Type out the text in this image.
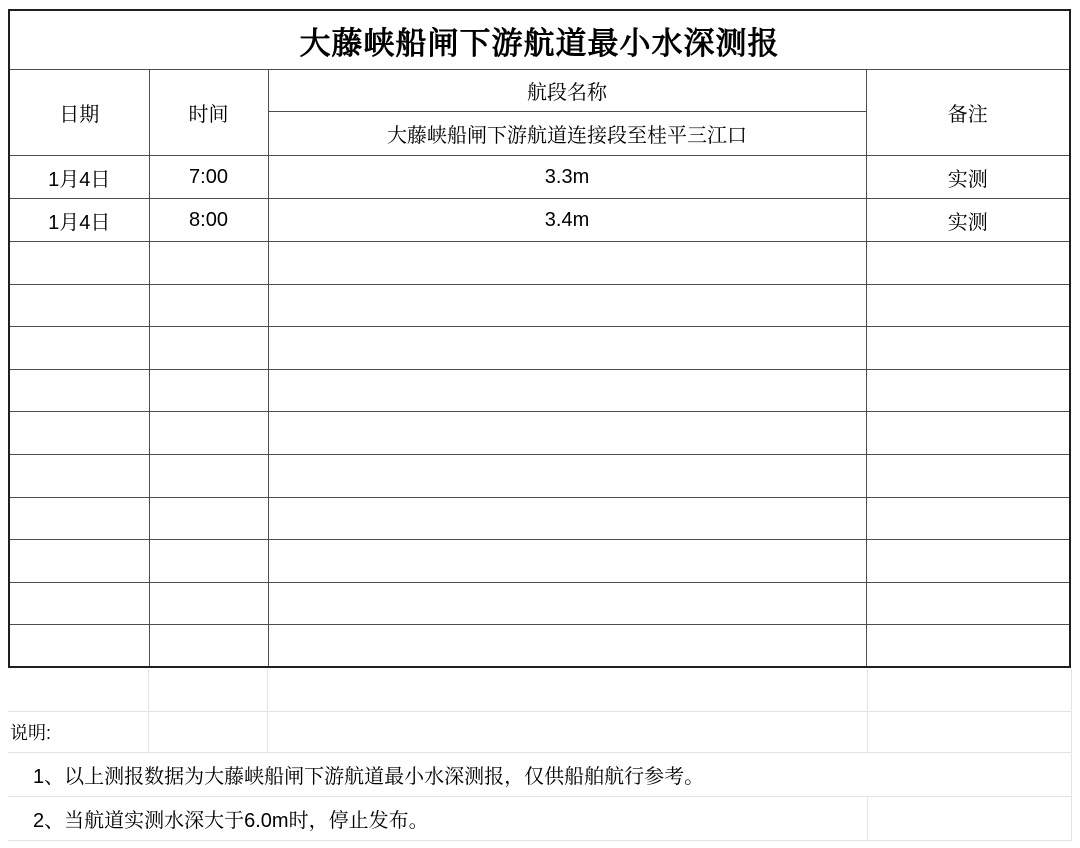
大藤峡船闸下游航道最小水深测报			
日期	时间	航段名称	备注
		大藤峡船闸下游航道连接段至桂平三江口	
1月4日	7:00	3.3m	实测
1月4日	8:00	3.4m	实测

说明:			
1、以上测报数据为大藤峡船闸下游航道最小水深测报，仅供船舶航行参考。			
2、当航道实测水深大于6.0m时，停止发布。			
